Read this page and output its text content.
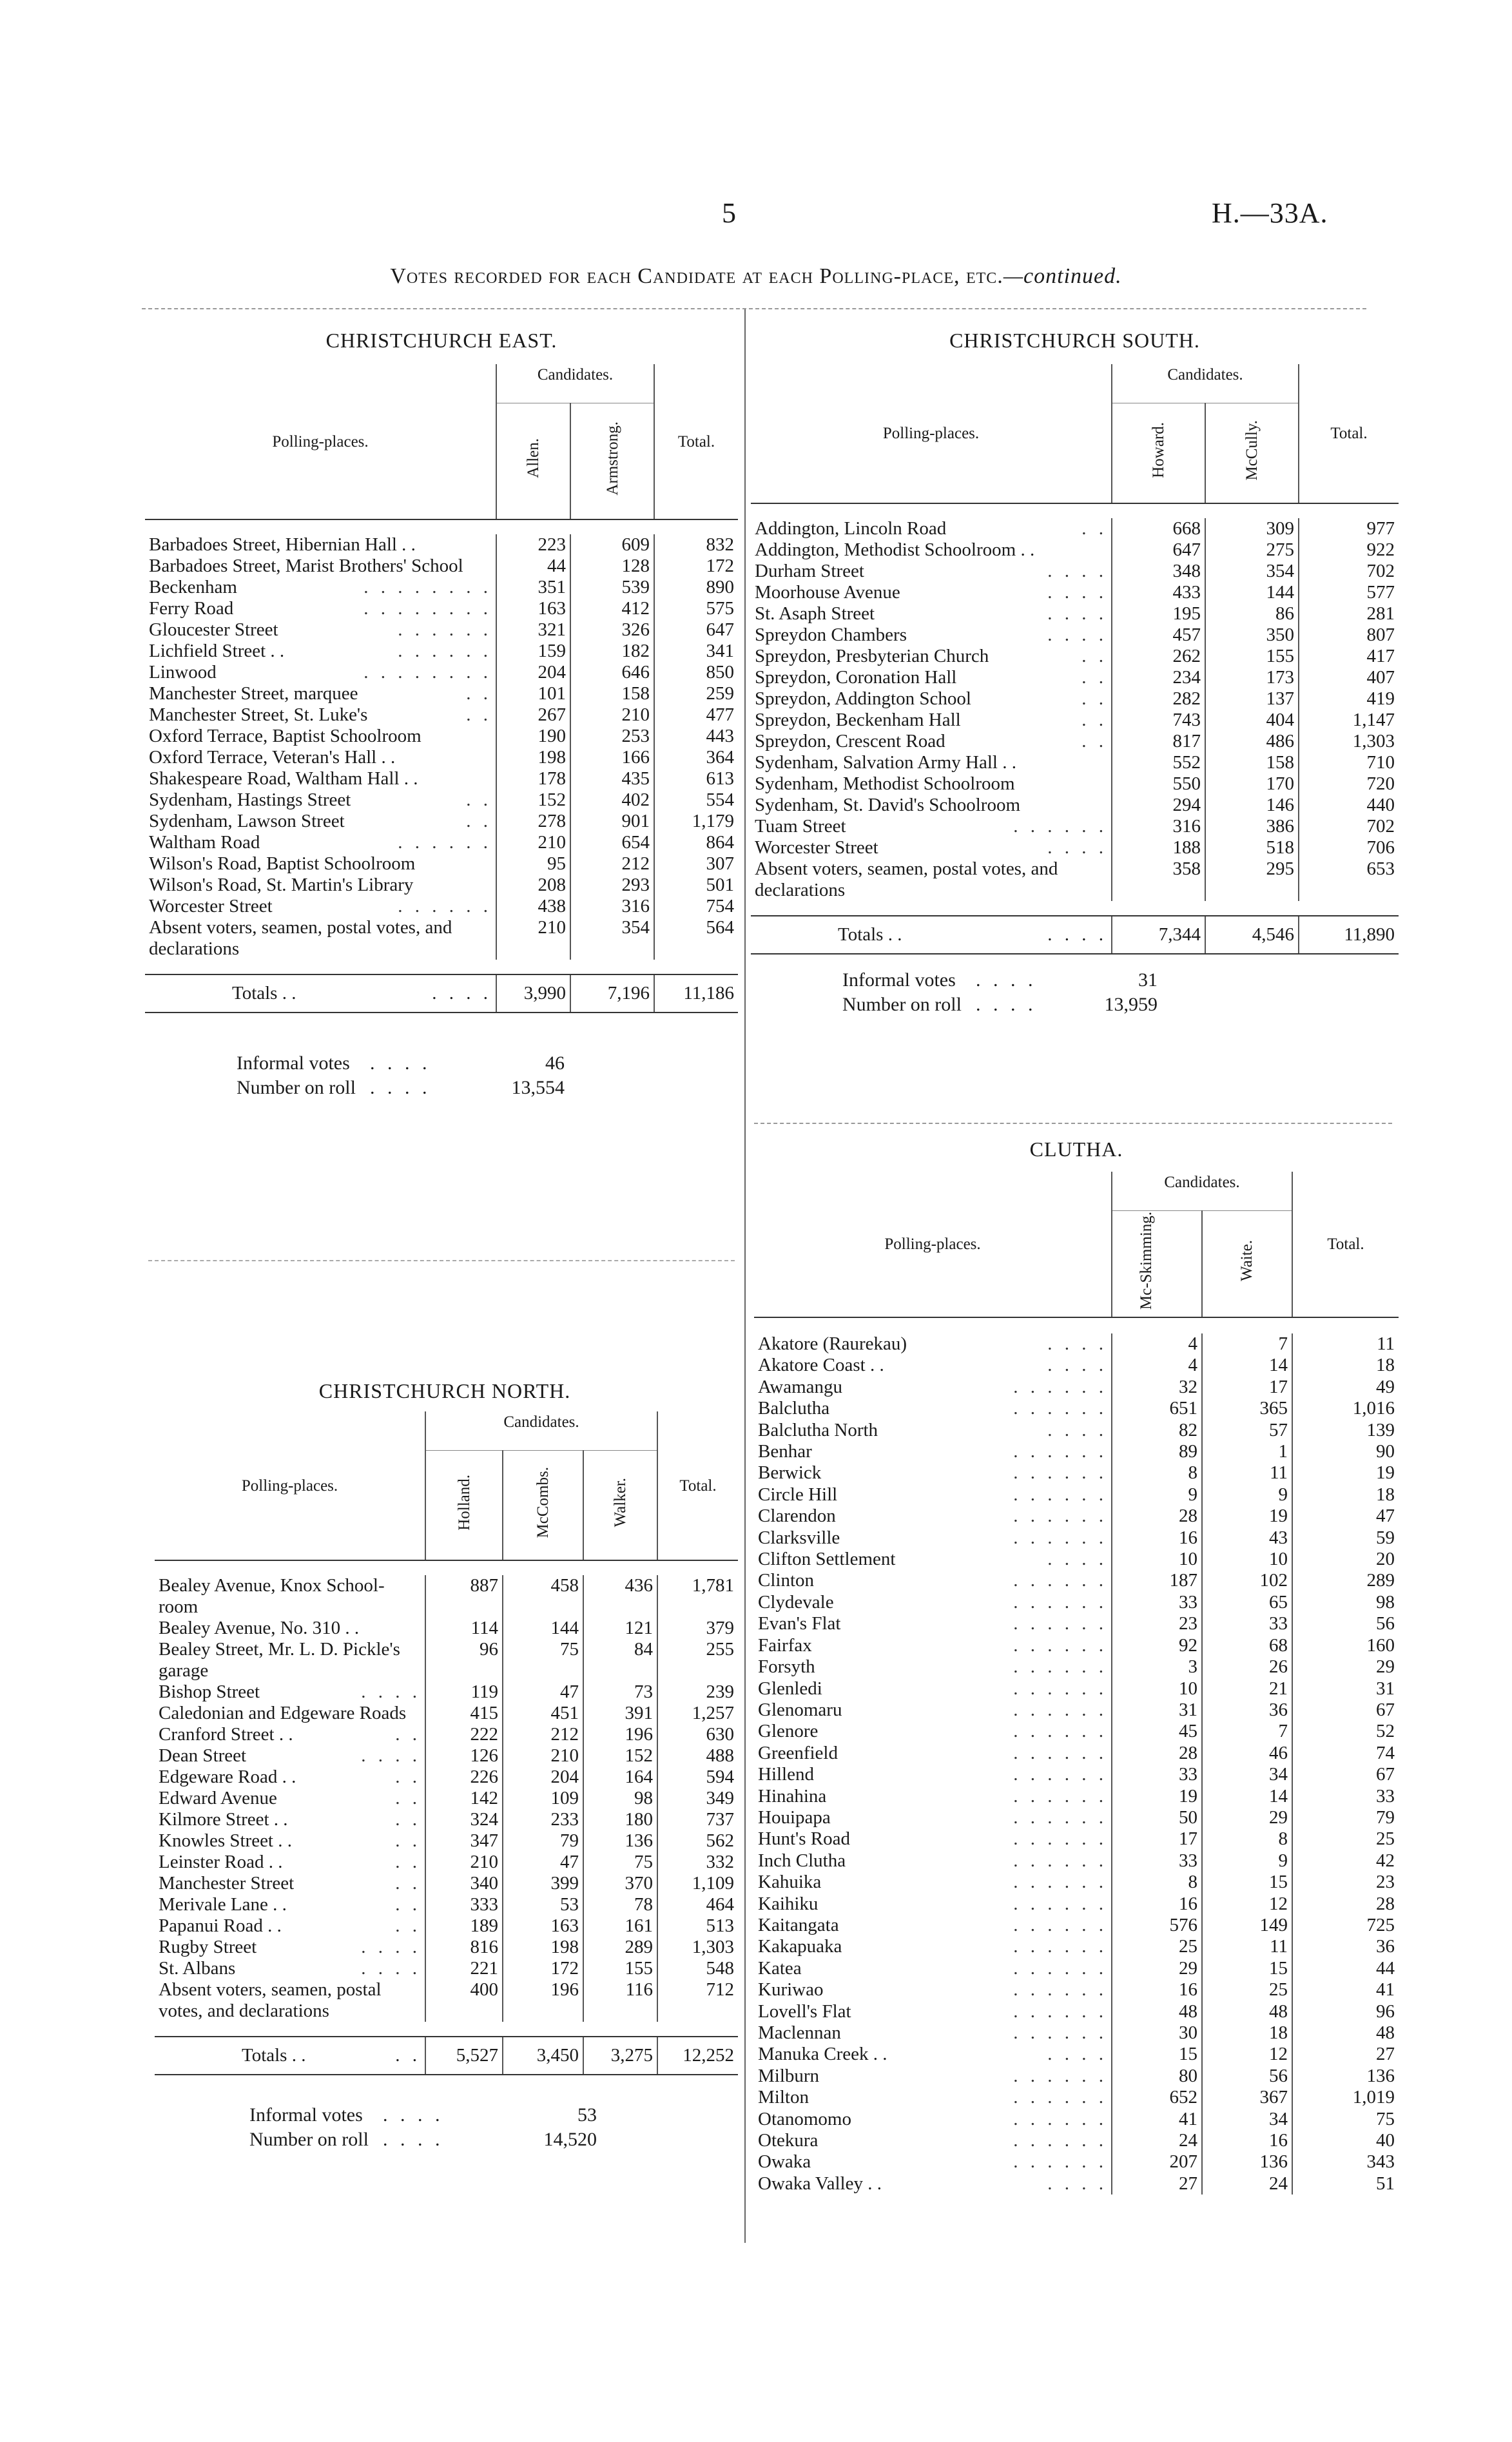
5	H.—33A.
Votes recorded for each Candidate at each Polling-place, etc.—continued.
CHRISTCHURCH EAST.
Polling-places.	Candidates.		Total.
	Allen.	Armstrong.	

Barbadoes Street, Hibernian Hall . .	223	609	832
Barbadoes Street, Marist Brothers' School	44	128	172
Beckenham . . . . . . . .	351	539	890
Ferry Road . . . . . . . .	163	412	575
Gloucester Street . . . . . .	321	326	647
Lichfield Street . . . . . . . .	159	182	341
Linwood . . . . . . . .	204	646	850
Manchester Street, marquee . .	101	158	259
Manchester Street, St. Luke's . .	267	210	477
Oxford Terrace, Baptist Schoolroom	190	253	443
Oxford Terrace, Veteran's Hall . .	198	166	364
Shakespeare Road, Waltham Hall . .	178	435	613
Sydenham, Hastings Street . .	152	402	554
Sydenham, Lawson Street . .	278	901	1,179
Waltham Road . . . . . .	210	654	864
Wilson's Road, Baptist Schoolroom	95	212	307
Wilson's Road, St. Martin's Library	208	293	501
Worcester Street . . . . . .	438	316	754
Absent voters, seamen, postal votes, and declarations	210	354	564

Totals . . . . . .	3,990	7,196	11,186
Informal votes	. . . .	46
Number on roll	. . . .	13,554
CHRISTCHURCH SOUTH.
Polling-places.	Candidates.		Total.
	Howard.	McCully.	

Addington, Lincoln Road . .	668	309	977
Addington, Methodist Schoolroom . .	647	275	922
Durham Street . . . .	348	354	702
Moorhouse Avenue . . . .	433	144	577
St. Asaph Street . . . .	195	86	281
Spreydon Chambers . . . .	457	350	807
Spreydon, Presbyterian Church . .	262	155	417
Spreydon, Coronation Hall . .	234	173	407
Spreydon, Addington School . .	282	137	419
Spreydon, Beckenham Hall . .	743	404	1,147
Spreydon, Crescent Road . .	817	486	1,303
Sydenham, Salvation Army Hall . .	552	158	710
Sydenham, Methodist Schoolroom	550	170	720
Sydenham, St. David's Schoolroom	294	146	440
Tuam Street . . . . . .	316	386	702
Worcester Street . . . .	188	518	706
Absent voters, seamen, postal votes, and declarations	358	295	653

Totals . . . . . .	7,344	4,546	11,890
Informal votes	. . . .	31
Number on roll	. . . .	13,959
CHRISTCHURCH NORTH.
Polling-places.	Candidates.			Total.
	Holland.	McCombs.	Walker.	

Bealey Avenue, Knox School-room	887	458	436	1,781
Bealey Avenue, No. 310 . .	114	144	121	379
Bealey Street, Mr. L. D. Pickle's garage	96	75	84	255
Bishop Street . . . .	119	47	73	239
Caledonian and Edgeware Roads	415	451	391	1,257
Cranford Street . . . .	222	212	196	630
Dean Street . . . .	126	210	152	488
Edgeware Road . . . .	226	204	164	594
Edward Avenue . .	142	109	98	349
Kilmore Street . . . .	324	233	180	737
Knowles Street . . . .	347	79	136	562
Leinster Road . . . .	210	47	75	332
Manchester Street . .	340	399	370	1,109
Merivale Lane . . . .	333	53	78	464
Papanui Road . . . .	189	163	161	513
Rugby Street . . . .	816	198	289	1,303
St. Albans . . . .	221	172	155	548
Absent voters, seamen, postal votes, and declarations	400	196	116	712

Totals . . . .	5,527	3,450	3,275	12,252
Informal votes	. . . .	53
Number on roll	. . . .	14,520
CLUTHA.
Polling-places.	Candidates.		Total.
	Mc-Skimming.	Waite.	

Akatore (Raurekau) . . . .	4	7	11
Akatore Coast . . . . . .	4	14	18
Awamangu . . . . . .	32	17	49
Balclutha . . . . . .	651	365	1,016
Balclutha North . . . .	82	57	139
Benhar . . . . . .	89	1	90
Berwick . . . . . .	8	11	19
Circle Hill . . . . . .	9	9	18
Clarendon . . . . . .	28	19	47
Clarksville . . . . . .	16	43	59
Clifton Settlement . . . .	10	10	20
Clinton . . . . . .	187	102	289
Clydevale . . . . . .	33	65	98
Evan's Flat . . . . . .	23	33	56
Fairfax . . . . . .	92	68	160
Forsyth . . . . . .	3	26	29
Glenledi . . . . . .	10	21	31
Glenomaru . . . . . .	31	36	67
Glenore . . . . . .	45	7	52
Greenfield . . . . . .	28	46	74
Hillend . . . . . .	33	34	67
Hinahina . . . . . .	19	14	33
Houipapa . . . . . .	50	29	79
Hunt's Road . . . . . .	17	8	25
Inch Clutha . . . . . .	33	9	42
Kahuika . . . . . .	8	15	23
Kaihiku . . . . . .	16	12	28
Kaitangata . . . . . .	576	149	725
Kakapuaka . . . . . .	25	11	36
Katea . . . . . .	29	15	44
Kuriwao . . . . . .	16	25	41
Lovell's Flat . . . . . .	48	48	96
Maclennan . . . . . .	30	18	48
Manuka Creek . . . . . .	15	12	27
Milburn . . . . . .	80	56	136
Milton . . . . . .	652	367	1,019
Otanomomo . . . . . .	41	34	75
Otekura . . . . . .	24	16	40
Owaka . . . . . .	207	136	343
Owaka Valley . . . . . .	27	24	51
